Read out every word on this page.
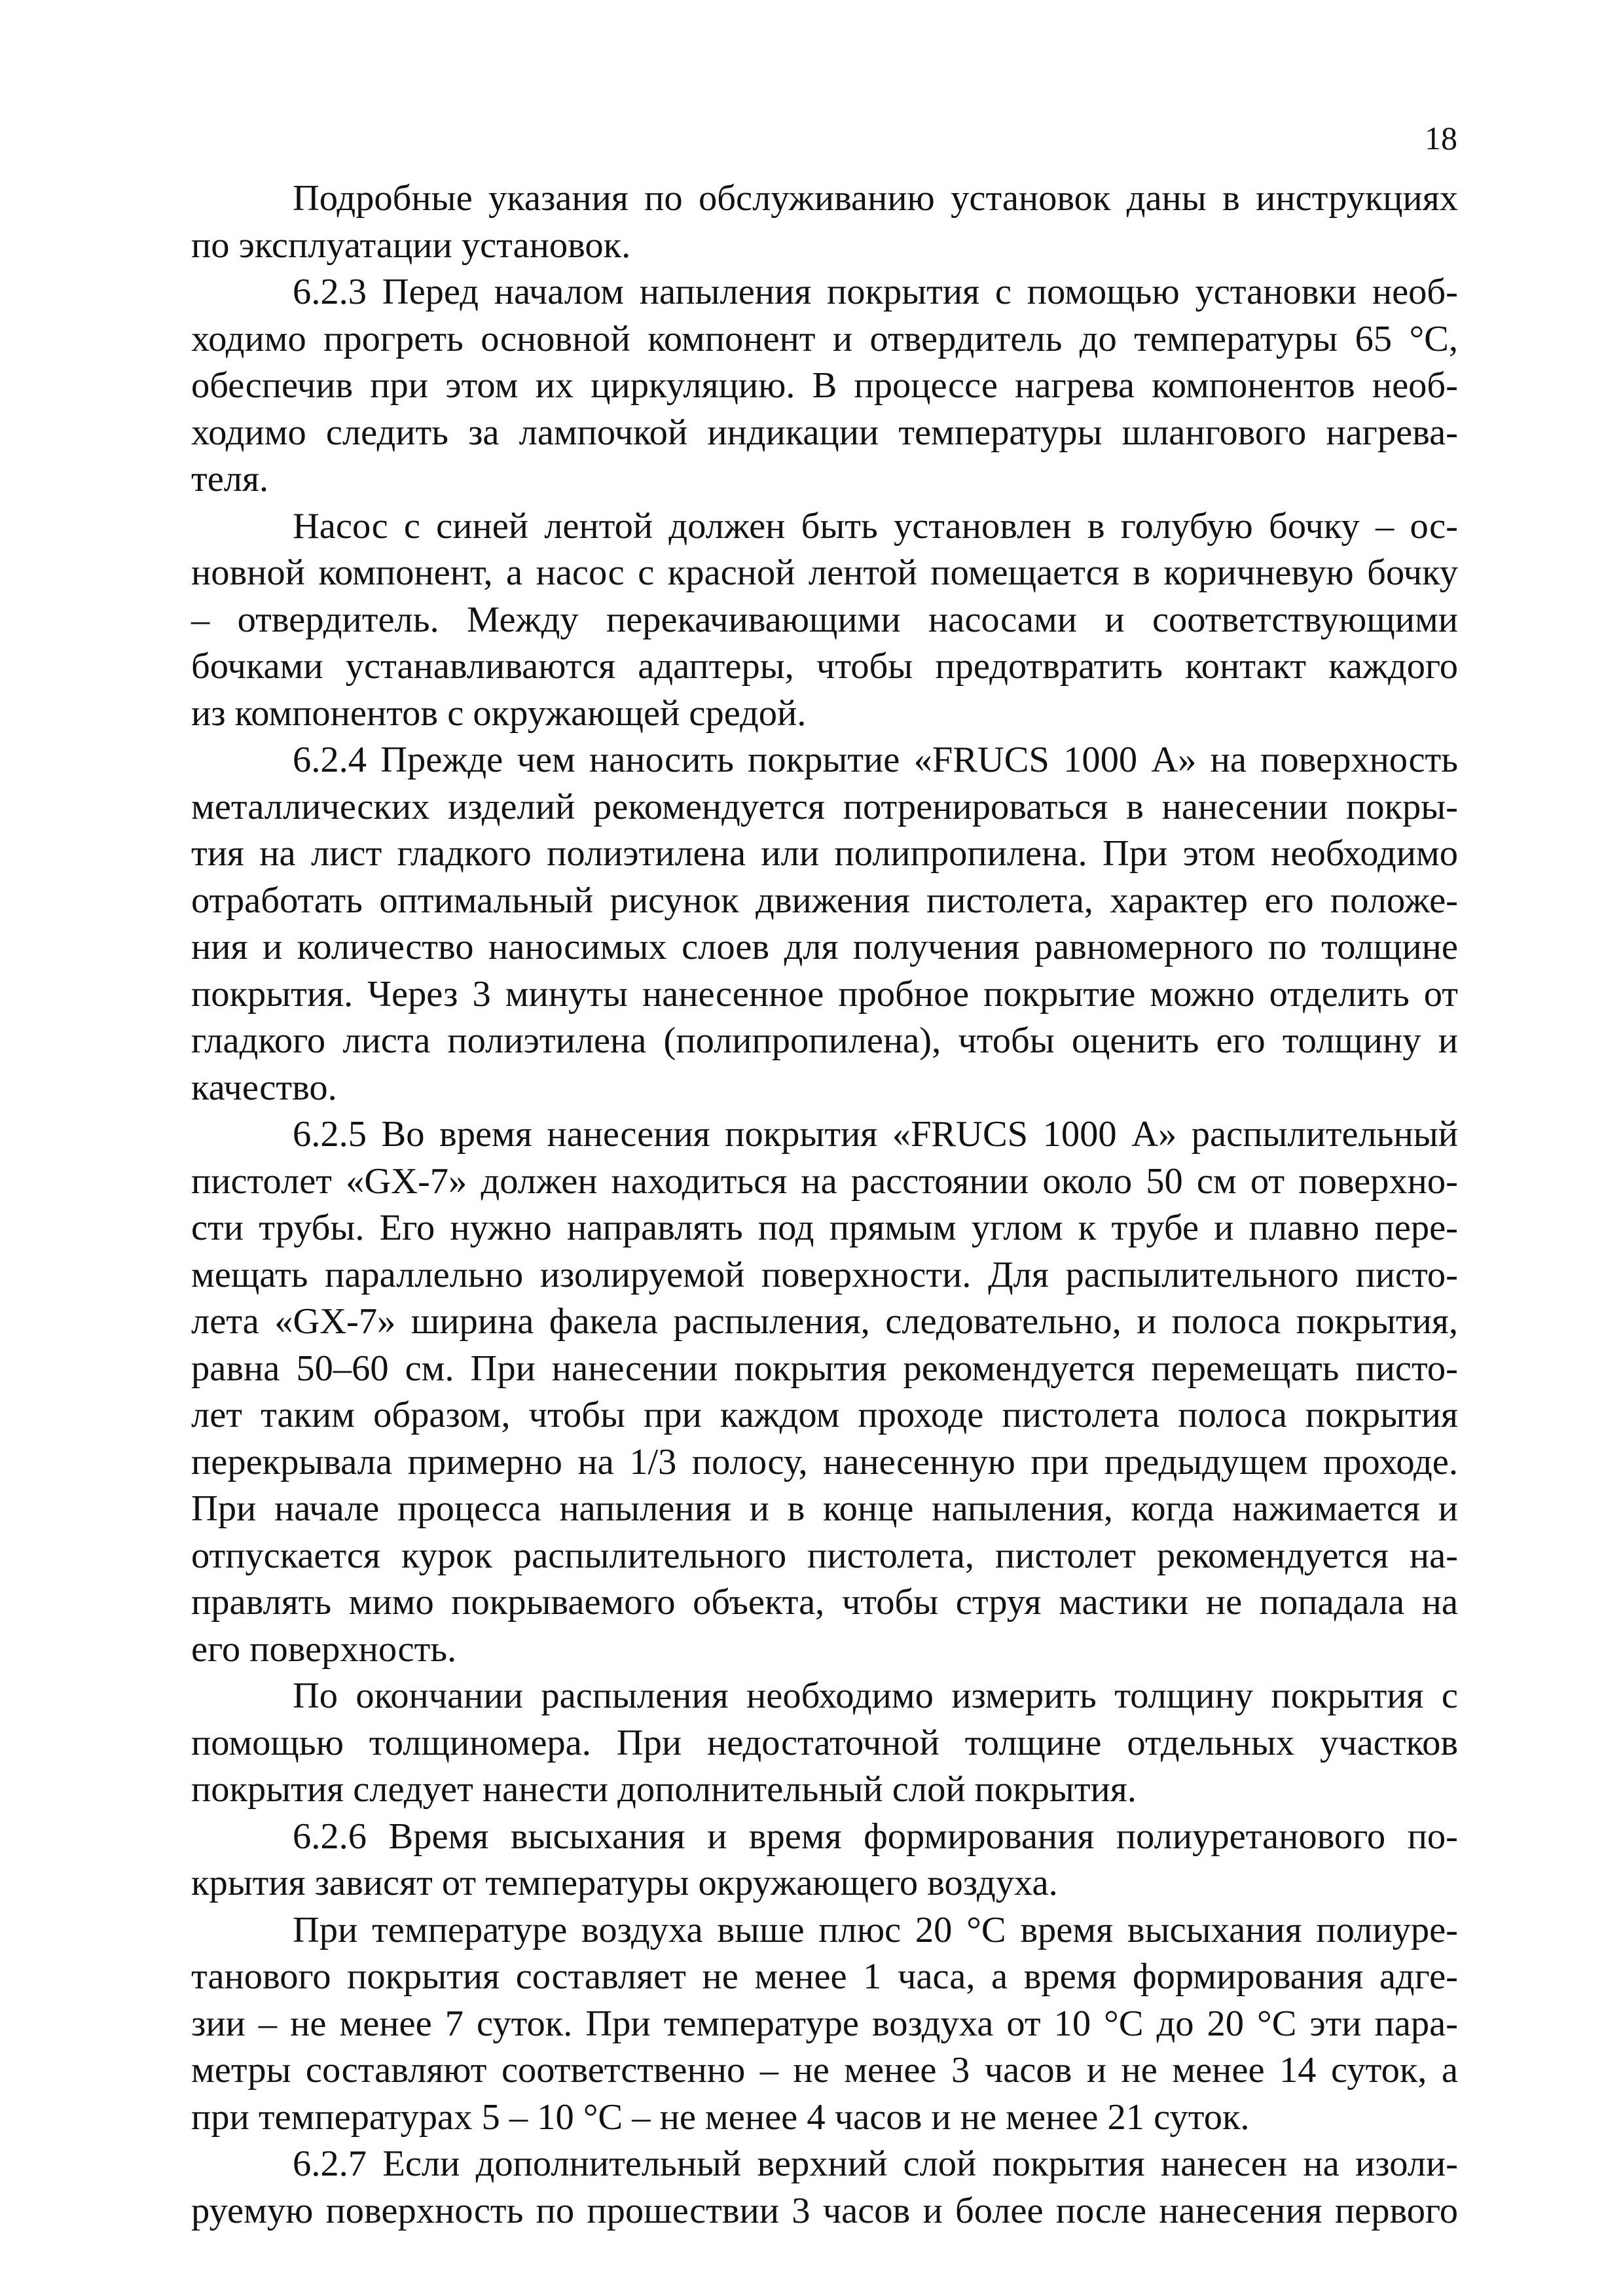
18
Подробные указания по обслуживанию установок даны в инструкциях
по эксплуатации установок.
6.2.3 Перед началом напыления покрытия с помощью установки необ-
ходимо прогреть основной компонент и отвердитель до температуры 65 °С,
обеспечив при этом их циркуляцию. В процессе нагрева компонентов необ-
ходимо следить за лампочкой индикации температуры шлангового нагрева-
теля.
Насос с синей лентой должен быть установлен в голубую бочку – ос-
новной компонент, а насос с красной лентой помещается в коричневую бочку
– отвердитель. Между перекачивающими насосами и соответствующими
бочками устанавливаются адаптеры, чтобы предотвратить контакт каждого
из компонентов с окружающей средой.
6.2.4 Прежде чем наносить покрытие «FRUCS 1000 А» на поверхность
металлических изделий рекомендуется потренироваться в нанесении покры-
тия на лист гладкого полиэтилена или полипропилена. При этом необходимо
отработать оптимальный рисунок движения пистолета, характер его положе-
ния и количество наносимых слоев для получения равномерного по толщине
покрытия. Через 3 минуты нанесенное пробное покрытие можно отделить от
гладкого листа полиэтилена (полипропилена), чтобы оценить его толщину и
качество.
6.2.5 Во время нанесения покрытия «FRUCS 1000 А» распылительный
пистолет «GX-7» должен находиться на расстоянии около 50 см от поверхно-
сти трубы. Его нужно направлять под прямым углом к трубе и плавно пере-
мещать параллельно изолируемой поверхности. Для распылительного писто-
лета «GX-7» ширина факела распыления, следовательно, и полоса покрытия,
равна 50–60 см. При нанесении покрытия рекомендуется перемещать писто-
лет таким образом, чтобы при каждом проходе пистолета полоса покрытия
перекрывала примерно на 1/3 полосу, нанесенную при предыдущем проходе.
При начале процесса напыления и в конце напыления, когда нажимается и
отпускается курок распылительного пистолета, пистолет рекомендуется на-
правлять мимо покрываемого объекта, чтобы струя мастики не попадала на
его поверхность.
По окончании распыления необходимо измерить толщину покрытия с
помощью толщиномера. При недостаточной толщине отдельных участков
покрытия следует нанести дополнительный слой покрытия.
6.2.6 Время высыхания и время формирования полиуретанового по-
крытия зависят от температуры окружающего воздуха.
При температуре воздуха выше плюс 20 °С время высыхания полиуре-
танового покрытия составляет не менее 1 часа, а время формирования адге-
зии – не менее 7 суток. При температуре воздуха от 10 °С до 20 °С эти пара-
метры составляют соответственно – не менее 3 часов и не менее 14 суток, а
при температурах 5 – 10 °С – не менее 4 часов и не менее 21 суток.
6.2.7 Если дополнительный верхний слой покрытия нанесен на изоли-
руемую поверхность по прошествии 3 часов и более после нанесения первого
